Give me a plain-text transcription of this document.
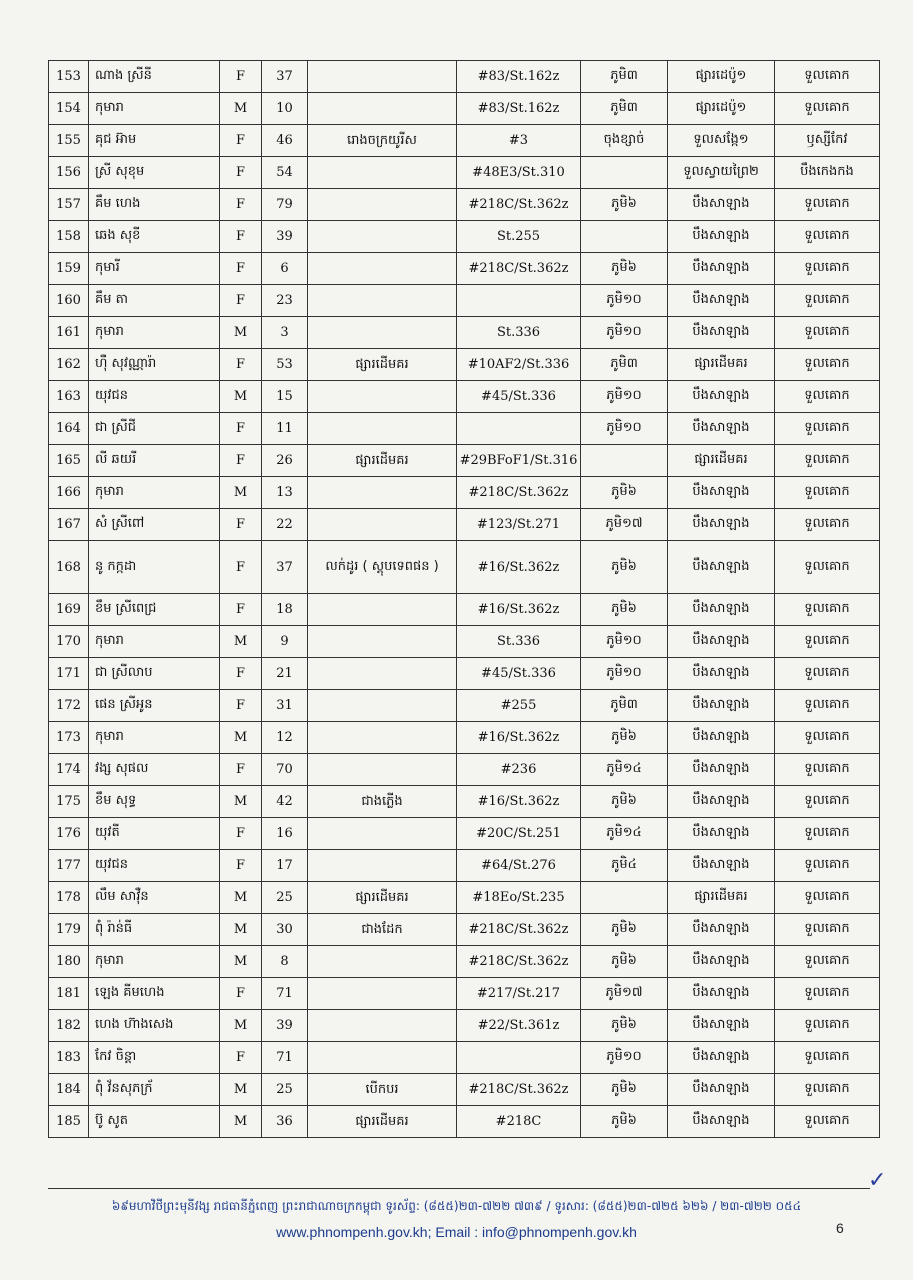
153	ណាង ស្រីនី	F	37		#83/St.162z	ភូមិ៣	ផ្សារដេប៉ូ១	ទួលគោក
154	កុមារា	M	10		#83/St.162z	ភូមិ៣	ផ្សារដេប៉ូ១	ទួលគោក
155	គុជ អ៊ាម	F	46	រោងចក្រយូរីស	#3	ចុងខ្សាច់	ទួលសង្កែ១	ឫស្សីកែវ
156	ស្រី សុខុម	F	54		#48E3/St.310		ទួលស្វាយព្រៃ២	បឹងកេងកង
157	គឹម ហេង	F	79		#218C/St.362z	ភូមិ៦	បឹងសាឡាង	ទួលគោក
158	ឆេង សុខី	F	39		St.255		បឹងសាឡាង	ទួលគោក
159	កុមារី	F	6		#218C/St.362z	ភូមិ៦	បឹងសាឡាង	ទួលគោក
160	គឹម តា	F	23			ភូមិ១០	បឹងសាឡាង	ទួលគោក
161	កុមារា	M	3		St.336	ភូមិ១០	បឹងសាឡាង	ទួលគោក
162	ហ៊ឺ សុវណ្ណារ៉ា	F	53	ផ្សារដើមគរ	#10AF2/St.336	ភូមិ៣	ផ្សារដើមគរ	ទួលគោក
163	យុវជន	M	15		#45/St.336	ភូមិ១០	បឹងសាឡាង	ទួលគោក
164	ជា ស្រីជី	F	11			ភូមិ១០	បឹងសាឡាង	ទួលគោក
165	លី ឆយរី	F	26	ផ្សារដើមគរ	#29BFoF1/St.316		ផ្សារដើមគរ	ទួលគោក
166	កុមារា	M	13		#218C/St.362z	ភូមិ៦	បឹងសាឡាង	ទួលគោក
167	សំ ស្រីពៅ	F	22		#123/St.271	ភូមិ១៧	បឹងសាឡាង	ទួលគោក
168	នូ កក្កដា	F	37	លក់ដូរ ( ស្តុបទេពផន )	#16/St.362z	ភូមិ៦	បឹងសាឡាង	ទួលគោក
169	ខឹម ស្រីពេជ្រ	F	18		#16/St.362z	ភូមិ៦	បឹងសាឡាង	ទួលគោក
170	កុមារា	M	9		St.336	ភូមិ១០	បឹងសាឡាង	ទួលគោក
171	ជា ស្រីលាប	F	21		#45/St.336	ភូមិ១០	បឹងសាឡាង	ទួលគោក
172	ផេន ស្រីអូន	F	31		#255	ភូមិ៣	បឹងសាឡាង	ទួលគោក
173	កុមារា	M	12		#16/St.362z	ភូមិ៦	បឹងសាឡាង	ទួលគោក
174	វង្ស សុផល	F	70		#236	ភូមិ១៤	បឹងសាឡាង	ទួលគោក
175	ខឹម សុទ្ធ	M	42	ជាងភ្លើង	#16/St.362z	ភូមិ៦	បឹងសាឡាង	ទួលគោក
176	យុវតី	F	16		#20C/St.251	ភូមិ១៤	បឹងសាឡាង	ទួលគោក
177	យុវជន	F	17		#64/St.276	ភូមិ៤	បឹងសាឡាង	ទួលគោក
178	លឹម សាវ៉ឺន	M	25	ផ្សារដើមគរ	#18Eo/St.235		ផ្សារដើមគរ	ទួលគោក
179	ពុំ រ៉ាន់ធី	M	30	ជាងដែក	#218C/St.362z	ភូមិ៦	បឹងសាឡាង	ទួលគោក
180	កុមារា	M	8		#218C/St.362z	ភូមិ៦	បឹងសាឡាង	ទួលគោក
181	ឡេង គីមហេង	F	71		#217/St.217	ភូមិ១៧	បឹងសាឡាង	ទួលគោក
182	ហេង ហ៊ាងសេង	M	39		#22/St.361z	ភូមិ៦	បឹងសាឡាង	ទួលគោក
183	កែវ ចិន្តា	F	71			ភូមិ១០	បឹងសាឡាង	ទួលគោក
184	ពុំ វ័នសុភក្រ័	M	25	បើកបរ	#218C/St.362z	ភូមិ៦	បឹងសាឡាង	ទួលគោក
185	ប៊ូ សូត	M	36	ផ្សារដើមគរ	#218C	ភូមិ៦	បឹងសាឡាង	ទួលគោក
✓
៦៩មហាវិថីព្រះមុនីវង្ស រាជធានីភ្នំពេញ ព្រះរាជាណាចក្រកម្ពុជា ទូរស័ព្ទ: (៨៥៥)២៣-៧២២ ៧៣៩ / ទូរសារ: (៨៥៥)២៣-៧២៥ ៦២៦ / ២៣-៧២២ ០៥៤
www.phnompenh.gov.kh; Email : info@phnompenh.gov.kh	6
